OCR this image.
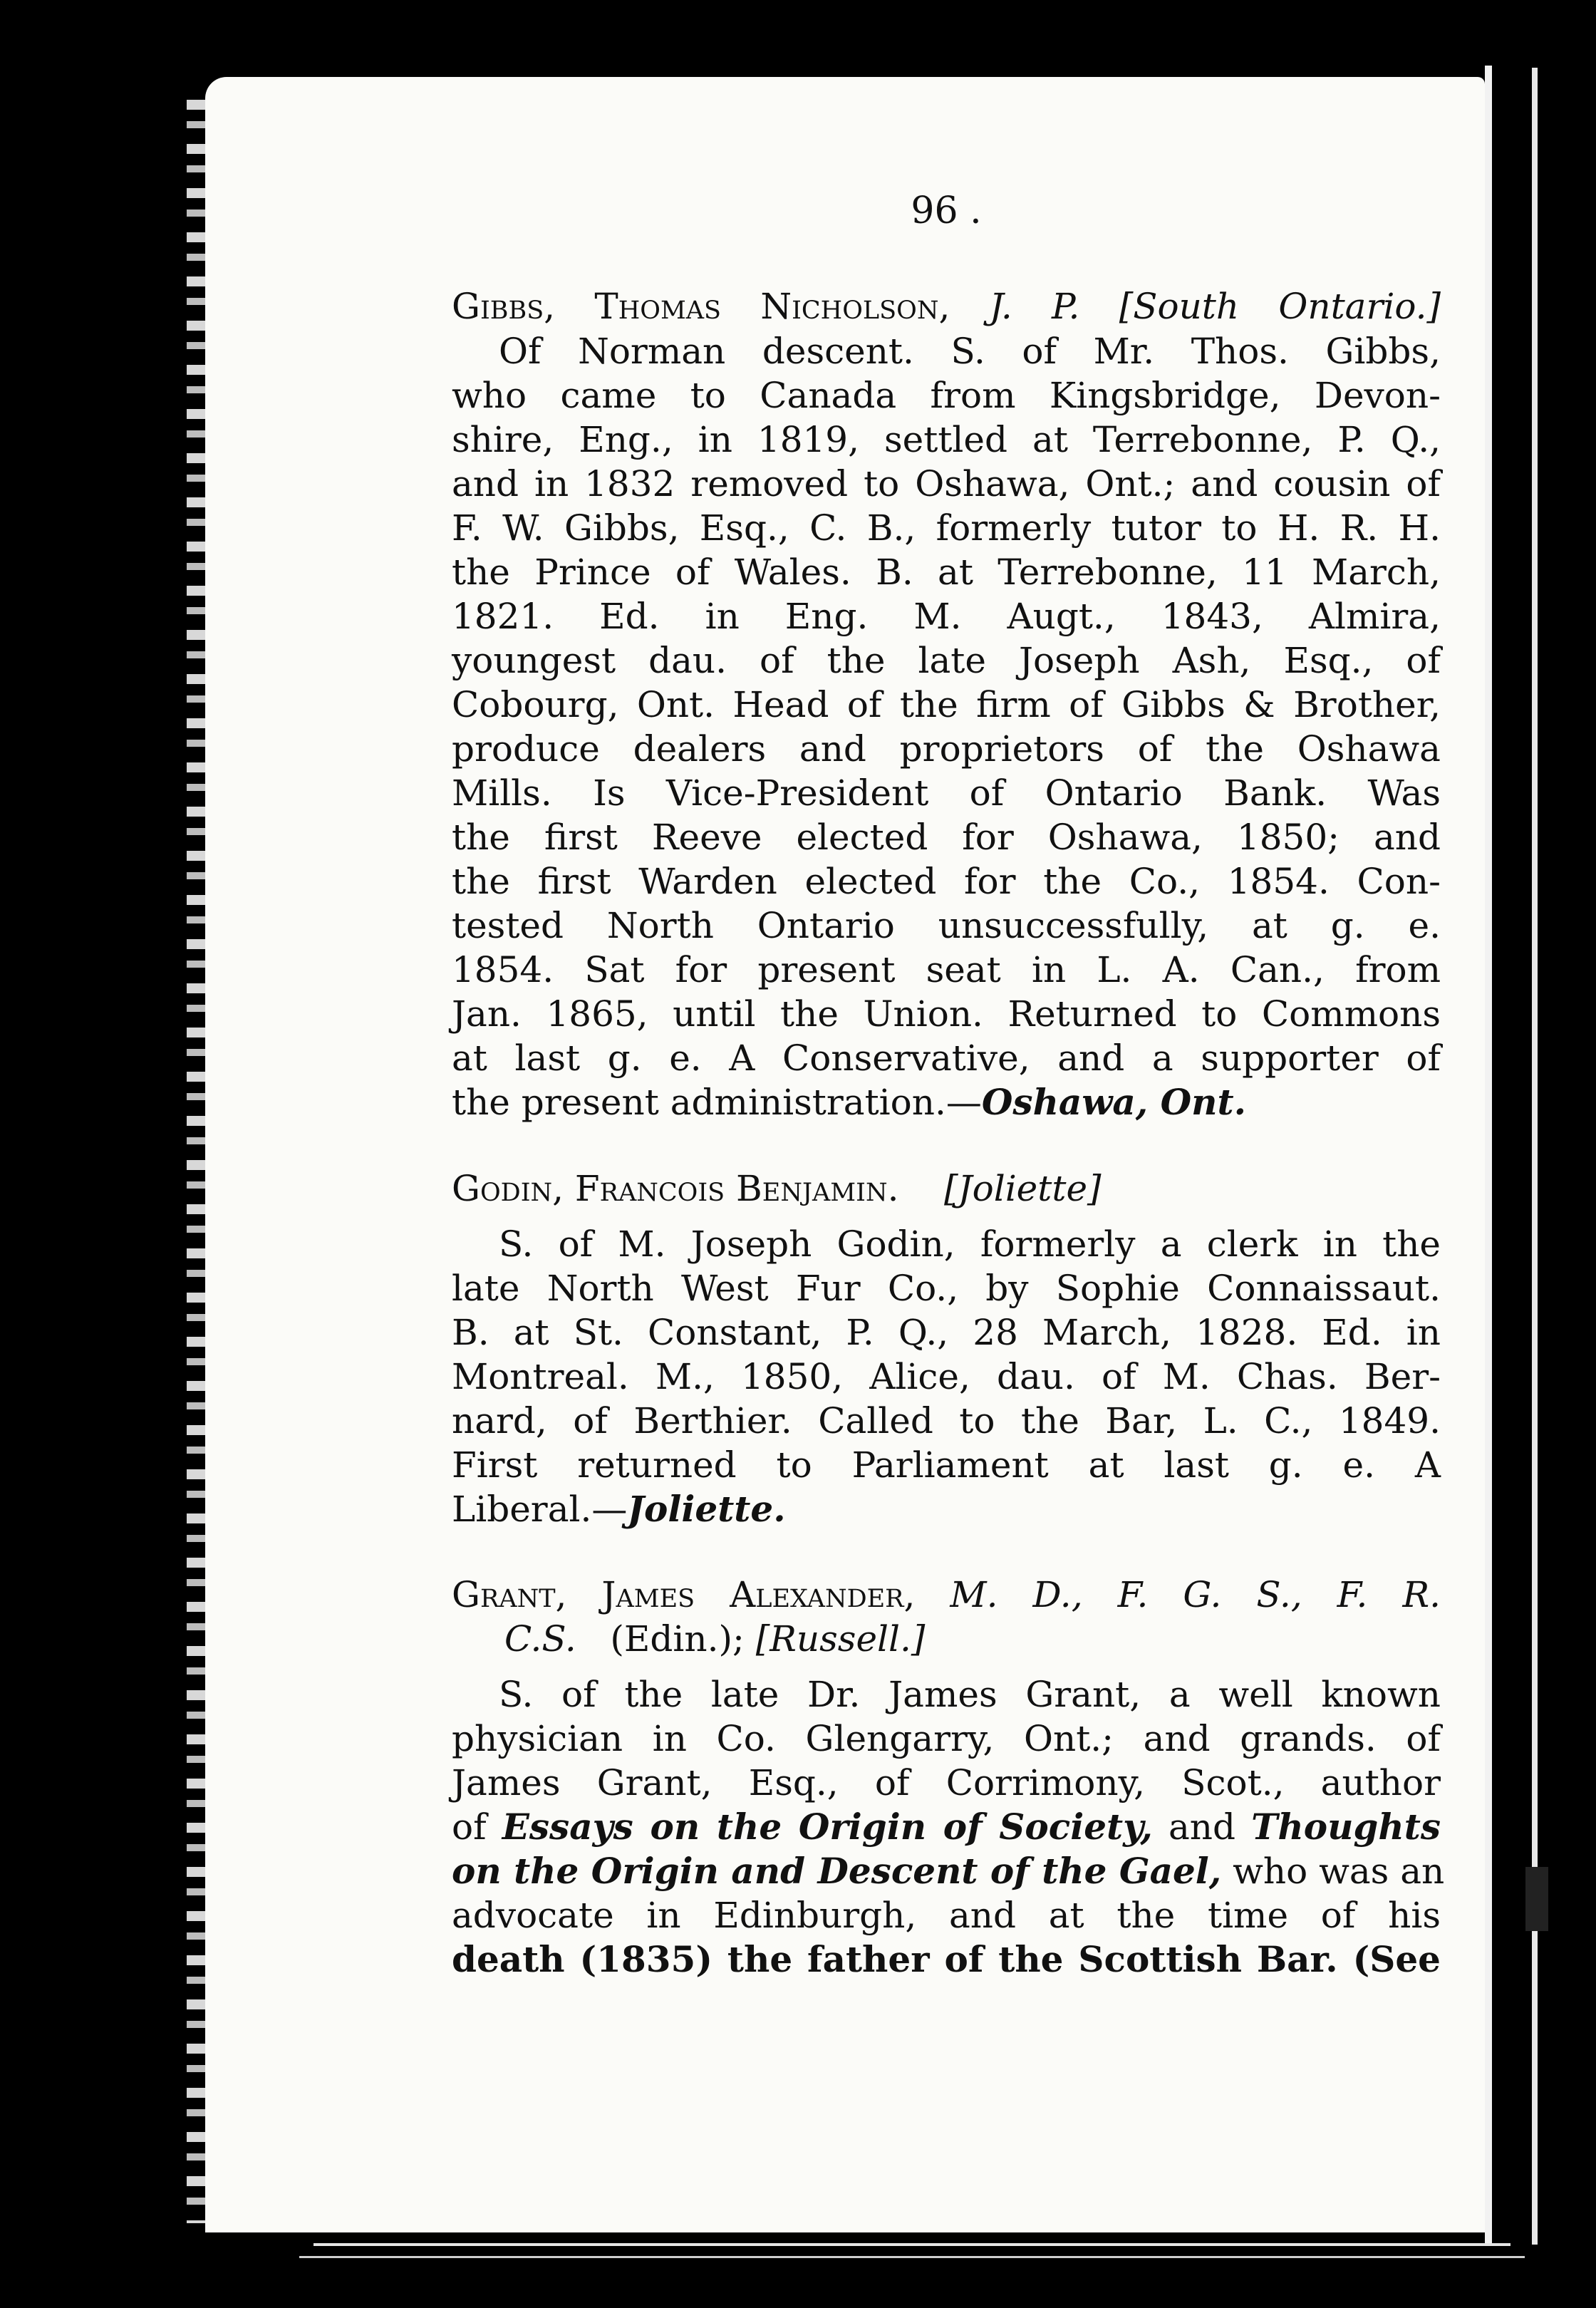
96 .
Gibbs, Thomas Nicholson, J. P. [South Ontario.]
Of Norman descent. S. of Mr. Thos. Gibbs,
who came to Canada from Kingsbridge, Devon-
shire, Eng., in 1819, settled at Terrebonne, P. Q.,
and in 1832 removed to Oshawa, Ont.; and cousin of
F. W. Gibbs, Esq., C. B., formerly tutor to H. R. H.
the Prince of Wales. B. at Terrebonne, 11 March,
1821. Ed. in Eng. M. Augt., 1843, Almira,
youngest dau. of the late Joseph Ash, Esq., of
Cobourg, Ont. Head of the firm of Gibbs & Brother,
produce dealers and proprietors of the Oshawa
Mills. Is Vice-President of Ontario Bank. Was
the first Reeve elected for Oshawa, 1850; and
the first Warden elected for the Co., 1854. Con-
tested North Ontario unsuccessfully, at g. e.
1854. Sat for present seat in L. A. Can., from
Jan. 1865, until the Union. Returned to Commons
at last g. e. A Conservative, and a supporter of
the present administration.—Oshawa, Ont.
Godin, Francois Benjamin. [Joliette]
S. of M. Joseph Godin, formerly a clerk in the
late North West Fur Co., by Sophie Connaissaut.
B. at St. Constant, P. Q., 28 March, 1828. Ed. in
Montreal. M., 1850, Alice, dau. of M. Chas. Ber-
nard, of Berthier. Called to the Bar, L. C., 1849.
First returned to Parliament at last g. e. A
Liberal.—Joliette.
Grant, James Alexander, M. D., F. G. S., F. R.
C.S. (Edin.); [Russell.]
S. of the late Dr. James Grant, a well known
physician in Co. Glengarry, Ont.; and grands. of
James Grant, Esq., of Corrimony, Scot., author
of Essays on the Origin of Society, and Thoughts
on the Origin and Descent of the Gael, who was an
advocate in Edinburgh, and at the time of his
death (1835) the father of the Scottish Bar. (See
